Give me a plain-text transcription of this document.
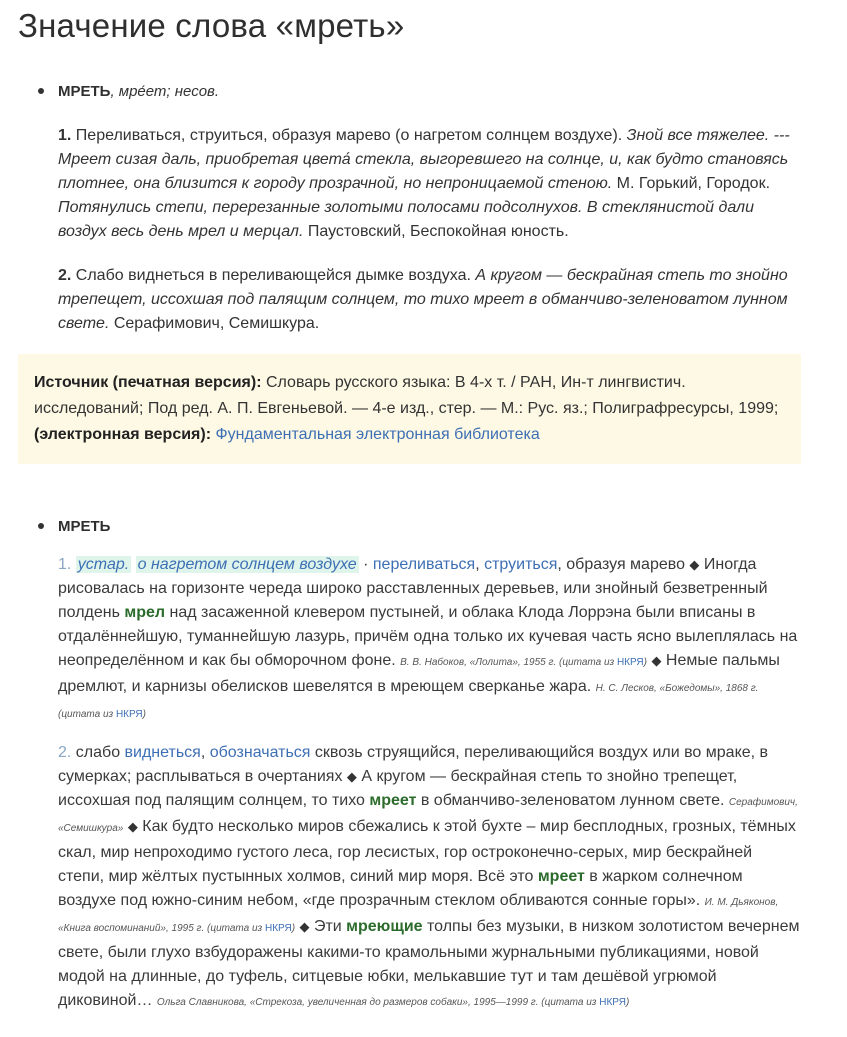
Значение слова «мреть»
МРЕТЬ, мре́ет; несов.
1. Переливаться, струиться, образуя марево (о нагретом солнцем воздухе). Зной все тяжелее. --- Мреет сизая даль, приобретая цвета́ стекла, выгоревшего на солнце, и, как будто становясь плотнее, она близится к городу прозрачной, но непроницаемой стеною. М. Горький, Городок. Потянулись степи, перерезанные золотыми полосами подсолнухов. В стеклянистой дали воздух весь день мрел и мерцал. Паустовский, Беспокойная юность.
2. Слабо виднеться в переливающейся дымке воздуха. А кругом — бескрайная степь то знойно трепещет, иссохшая под палящим солнцем, то тихо мреет в обманчиво-зеленоватом лунном свете. Серафимович, Семишкура.
Источник (печатная версия): Словарь русского языка: В 4-х т. / РАН, Ин-т лингвистич. исследований; Под ред. А. П. Евгеньевой. — 4-е изд., стер. — М.: Рус. яз.; Полиграфресурсы, 1999; (электронная версия): Фундаментальная электронная библиотека
МРЕТЬ
1. устар. о нагретом солнцем воздухе · переливаться, струиться, образуя марево ◆ Иногда рисовалась на горизонте череда широко расставленных деревьев, или знойный безветренный полдень мрел над засаженной клевером пустыней, и облака Клода Лоррэна были вписаны в отдалённейшую, туманнейшую лазурь, причём одна только их кучевая часть ясно вылеплялась на неопределённом и как бы обморочном фоне. В. В. Набоков, «Лолита», 1955 г. (цитата из НКРЯ) ◆ Немые пальмы дремлют, и карнизы обелисков шевелятся в мреющем сверканье жара. Н. С. Лесков, «Божедомы», 1868 г. (цитата из НКРЯ)
2. слабо виднеться, обозначаться сквозь струящийся, переливающийся воздух или во мраке, в сумерках; расплываться в очертаниях ◆ А кругом — бескрайная степь то знойно трепещет, иссохшая под палящим солнцем, то тихо мреет в обманчиво-зеленоватом лунном свете. Серафимович, «Семишкура» ◆ Как будто несколько миров сбежались к этой бухте – мир бесплодных, грозных, тёмных скал, мир непроходимо густого леса, гор лесистых, гор остроконечно-серых, мир бескрайней степи, мир жёлтых пустынных холмов, синий мир моря. Всё это мреет в жарком солнечном воздухе под южно-синим небом, «где прозрачным стеклом обливаются сонные горы». И. М. Дьяконов, «Книга воспоминаний», 1995 г. (цитата из НКРЯ) ◆ Эти мреющие толпы без музыки, в низком золотистом вечернем свете, были глухо взбудоражены какими-то крамольными журнальными публикациями, новой модой на длинные, до туфель, ситцевые юбки, мелькавшие тут и там дешёвой угрюмой диковиной… Ольга Славникова, «Стрекоза, увеличенная до размеров собаки», 1995—1999 г. (цитата из НКРЯ)
